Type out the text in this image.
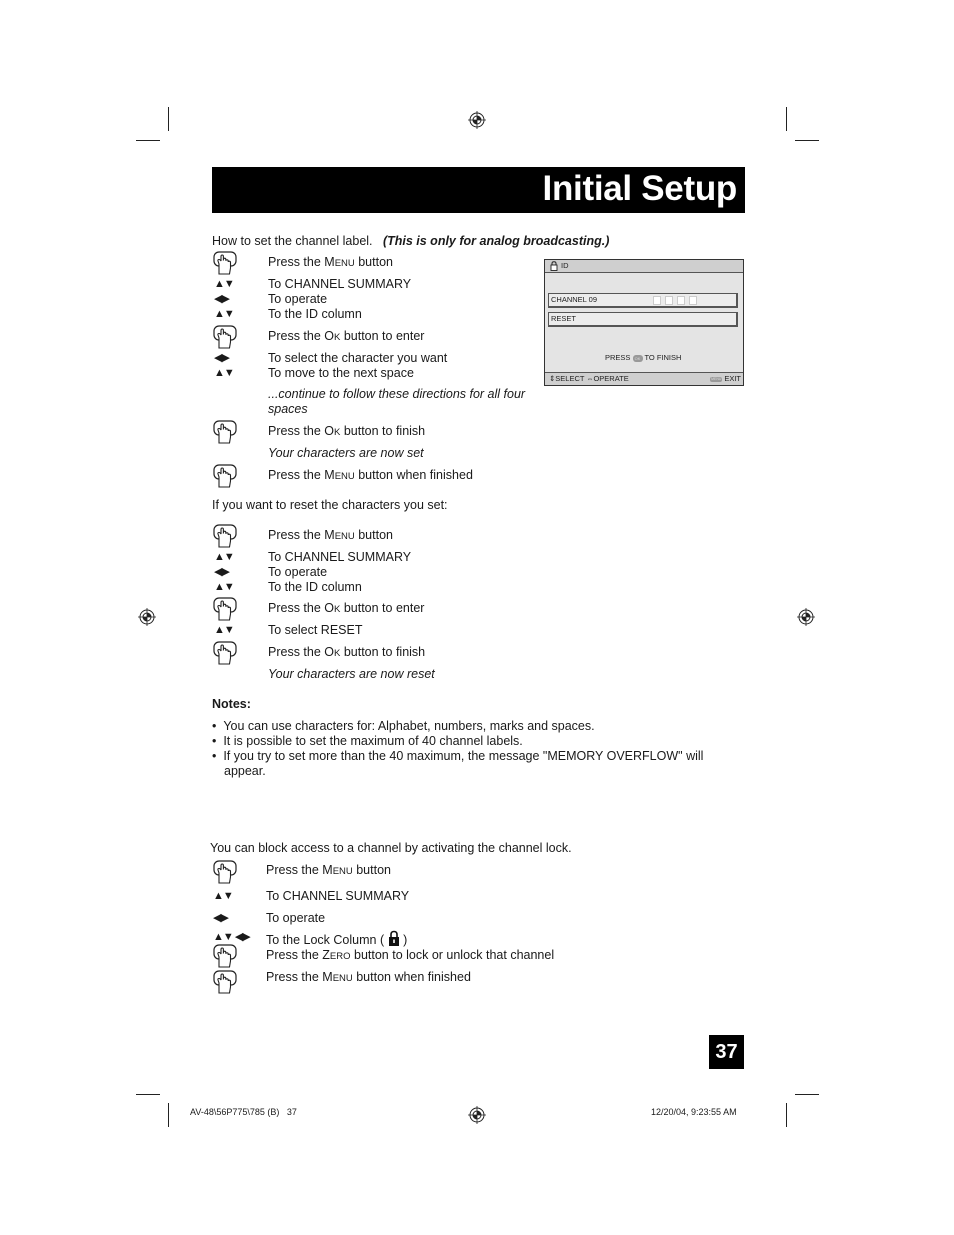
Initial Setup
How to set the channel label. (This is only for analog broadcasting.)
Press the MENU button
▲▼	To CHANNEL SUMMARY
◀▶	To operate
▲▼	To the ID column
Press the OK button to enter
◀▶	To select the character you want
▲▼	To move to the next space
...continue to follow these directions for all four
spaces
Press the OK button to finish
Your characters are now set
Press the MENU button when finished
ID
CHANNEL 09
RESET
PRESS OK TO FINISH
⇕SELECT ⇔OPERATE	MENU EXIT
If you want to reset the characters you set:
Press the MENU button
▲▼	To CHANNEL SUMMARY
◀▶	To operate
▲▼	To the ID column
Press the OK button to enter
▲▼	To select RESET
Press the OK button to finish
Your characters are now reset
Notes:
•  You can use characters for: Alphabet, numbers, marks and spaces.
•  It is possible to set the maximum of 40 channel labels.
•  If you try to set more than the 40 maximum, the message "MEMORY OVERFLOW" will
appear.
You can block access to a channel by activating the channel lock.
Press the MENU button
▲▼	To CHANNEL SUMMARY
◀▶	To operate
▲▼ ◀▶ To the Lock Column ( )
Press the ZERO button to lock or unlock that channel
Press the MENU button when finished
37
AV-48\56P775\785 (B)   37	12/20/04, 9:23:55 AM
